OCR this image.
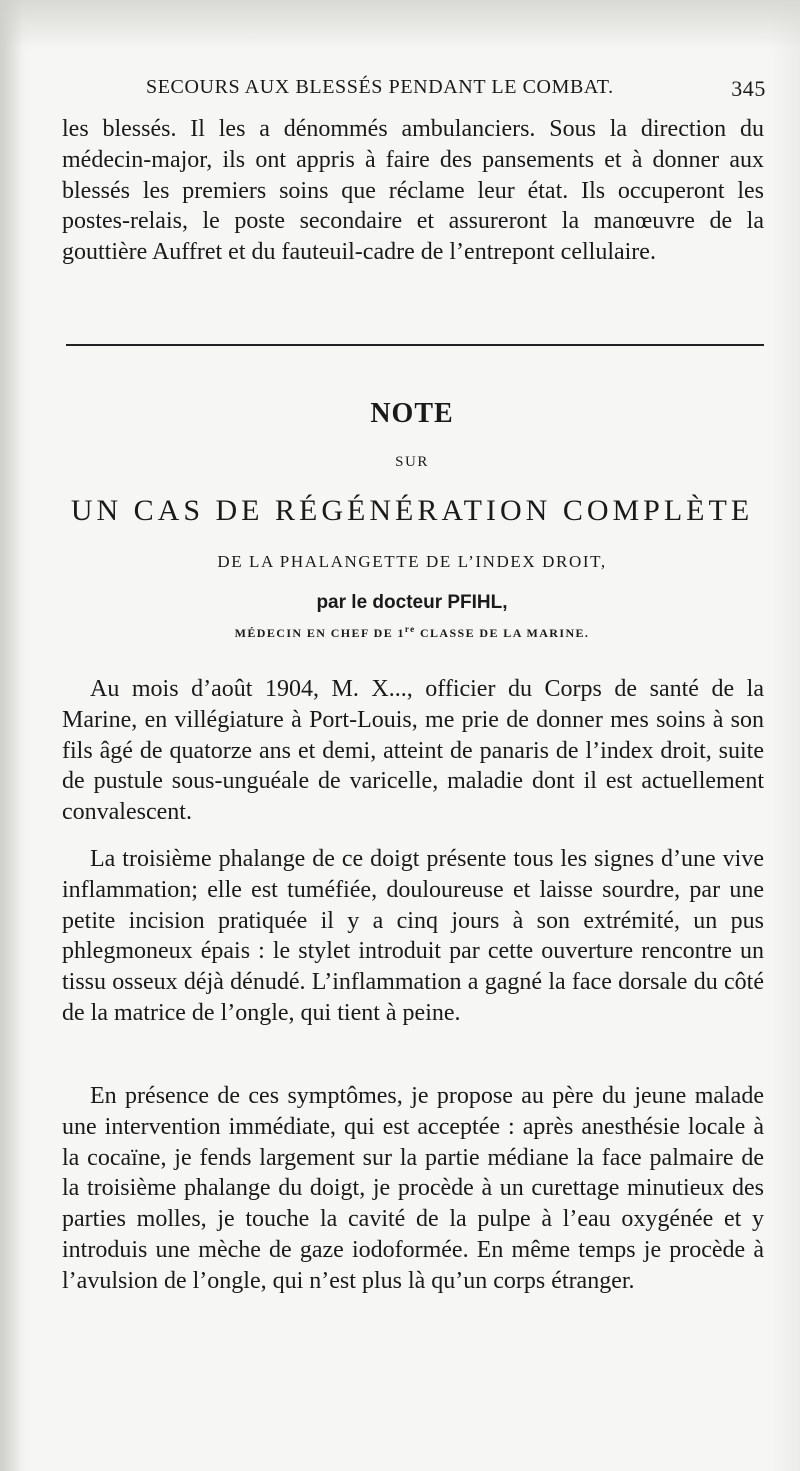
SECOURS AUX BLESSÉS PENDANT LE COMBAT.	345

les blessés. Il les a dénommés ambulanciers. Sous la direction du médecin-major, ils ont appris à faire des pansements et à donner aux blessés les premiers soins que réclame leur état. Ils occuperont les postes-relais, le poste secondaire et assureront la manœuvre de la gouttière Auffret et du fauteuil-cadre de l’entrepont cellulaire.

NOTE

SUR

UN CAS DE RÉGÉNÉRATION COMPLÈTE

DE LA PHALANGETTE DE L’INDEX DROIT,

par le docteur PFIHL,

MÉDECIN EN CHEF DE 1re CLASSE DE LA MARINE.

Au mois d’août 1904, M. X..., officier du Corps de santé de la Marine, en villégiature à Port-Louis, me prie de donner mes soins à son fils âgé de quatorze ans et demi, atteint de panaris de l’index droit, suite de pustule sous-unguéale de varicelle, maladie dont il est actuellement convalescent.

La troisième phalange de ce doigt présente tous les signes d’une vive inflammation; elle est tuméfiée, douloureuse et laisse sourdre, par une petite incision pratiquée il y a cinq jours à son extrémité, un pus phlegmoneux épais : le stylet introduit par cette ouverture rencontre un tissu osseux déjà dénudé. L’inflammation a gagné la face dorsale du côté de la matrice de l’ongle, qui tient à peine.

En présence de ces symptômes, je propose au père du jeune malade une intervention immédiate, qui est acceptée : après anesthésie locale à la cocaïne, je fends largement sur la partie médiane la face palmaire de la troisième phalange du doigt, je procède à un curettage minutieux des parties molles, je touche la cavité de la pulpe à l’eau oxygénée et y introduis une mèche de gaze iodoformée. En même temps je procède à l’avulsion de l’ongle, qui n’est plus là qu’un corps étranger.
